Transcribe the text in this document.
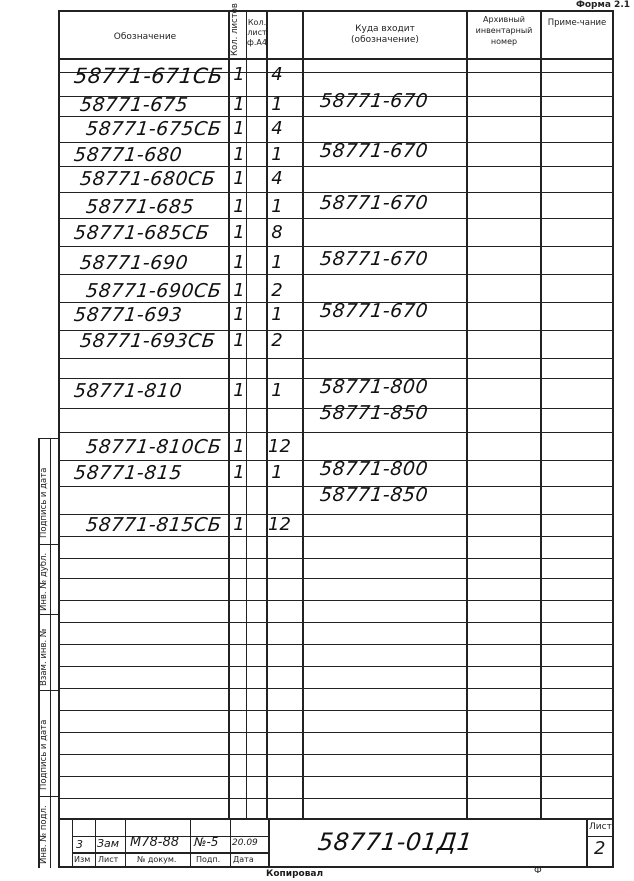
Форма 2.1
Обозначение	Кол. листов Кол. лист ф.А4
Куда входит (обозначение)
Архивный инвентарный номер
Приме-чание
58771-671СБ 1 4
58771-675 1 1 58771-670
58771-675СБ 1 4
58771-680	1 1 58771-670
58771-680СБ 1 4
58771-685 1 1 58771-670
58771-685СБ 1 8
58771-690 1 1 58771-670
58771-690СБ 1 2
58771-693	1 1 58771-670
58771-693СБ 1 2
58771-810	1 1 58771-800
58771-850
58771-810СБ 1 12
58771-815	1 1 58771-800
58771-850
58771-815СБ 1 12
Подпись и дата
Инв. № дубл.
Взам. инв. №
Подпись и дата
Инв. № подл. 3 Зам М78-88 №-5 20.09
Изм Лист № докум. Подп. Дата
58771-01Д1
Лист
2
Копировал	Ф
